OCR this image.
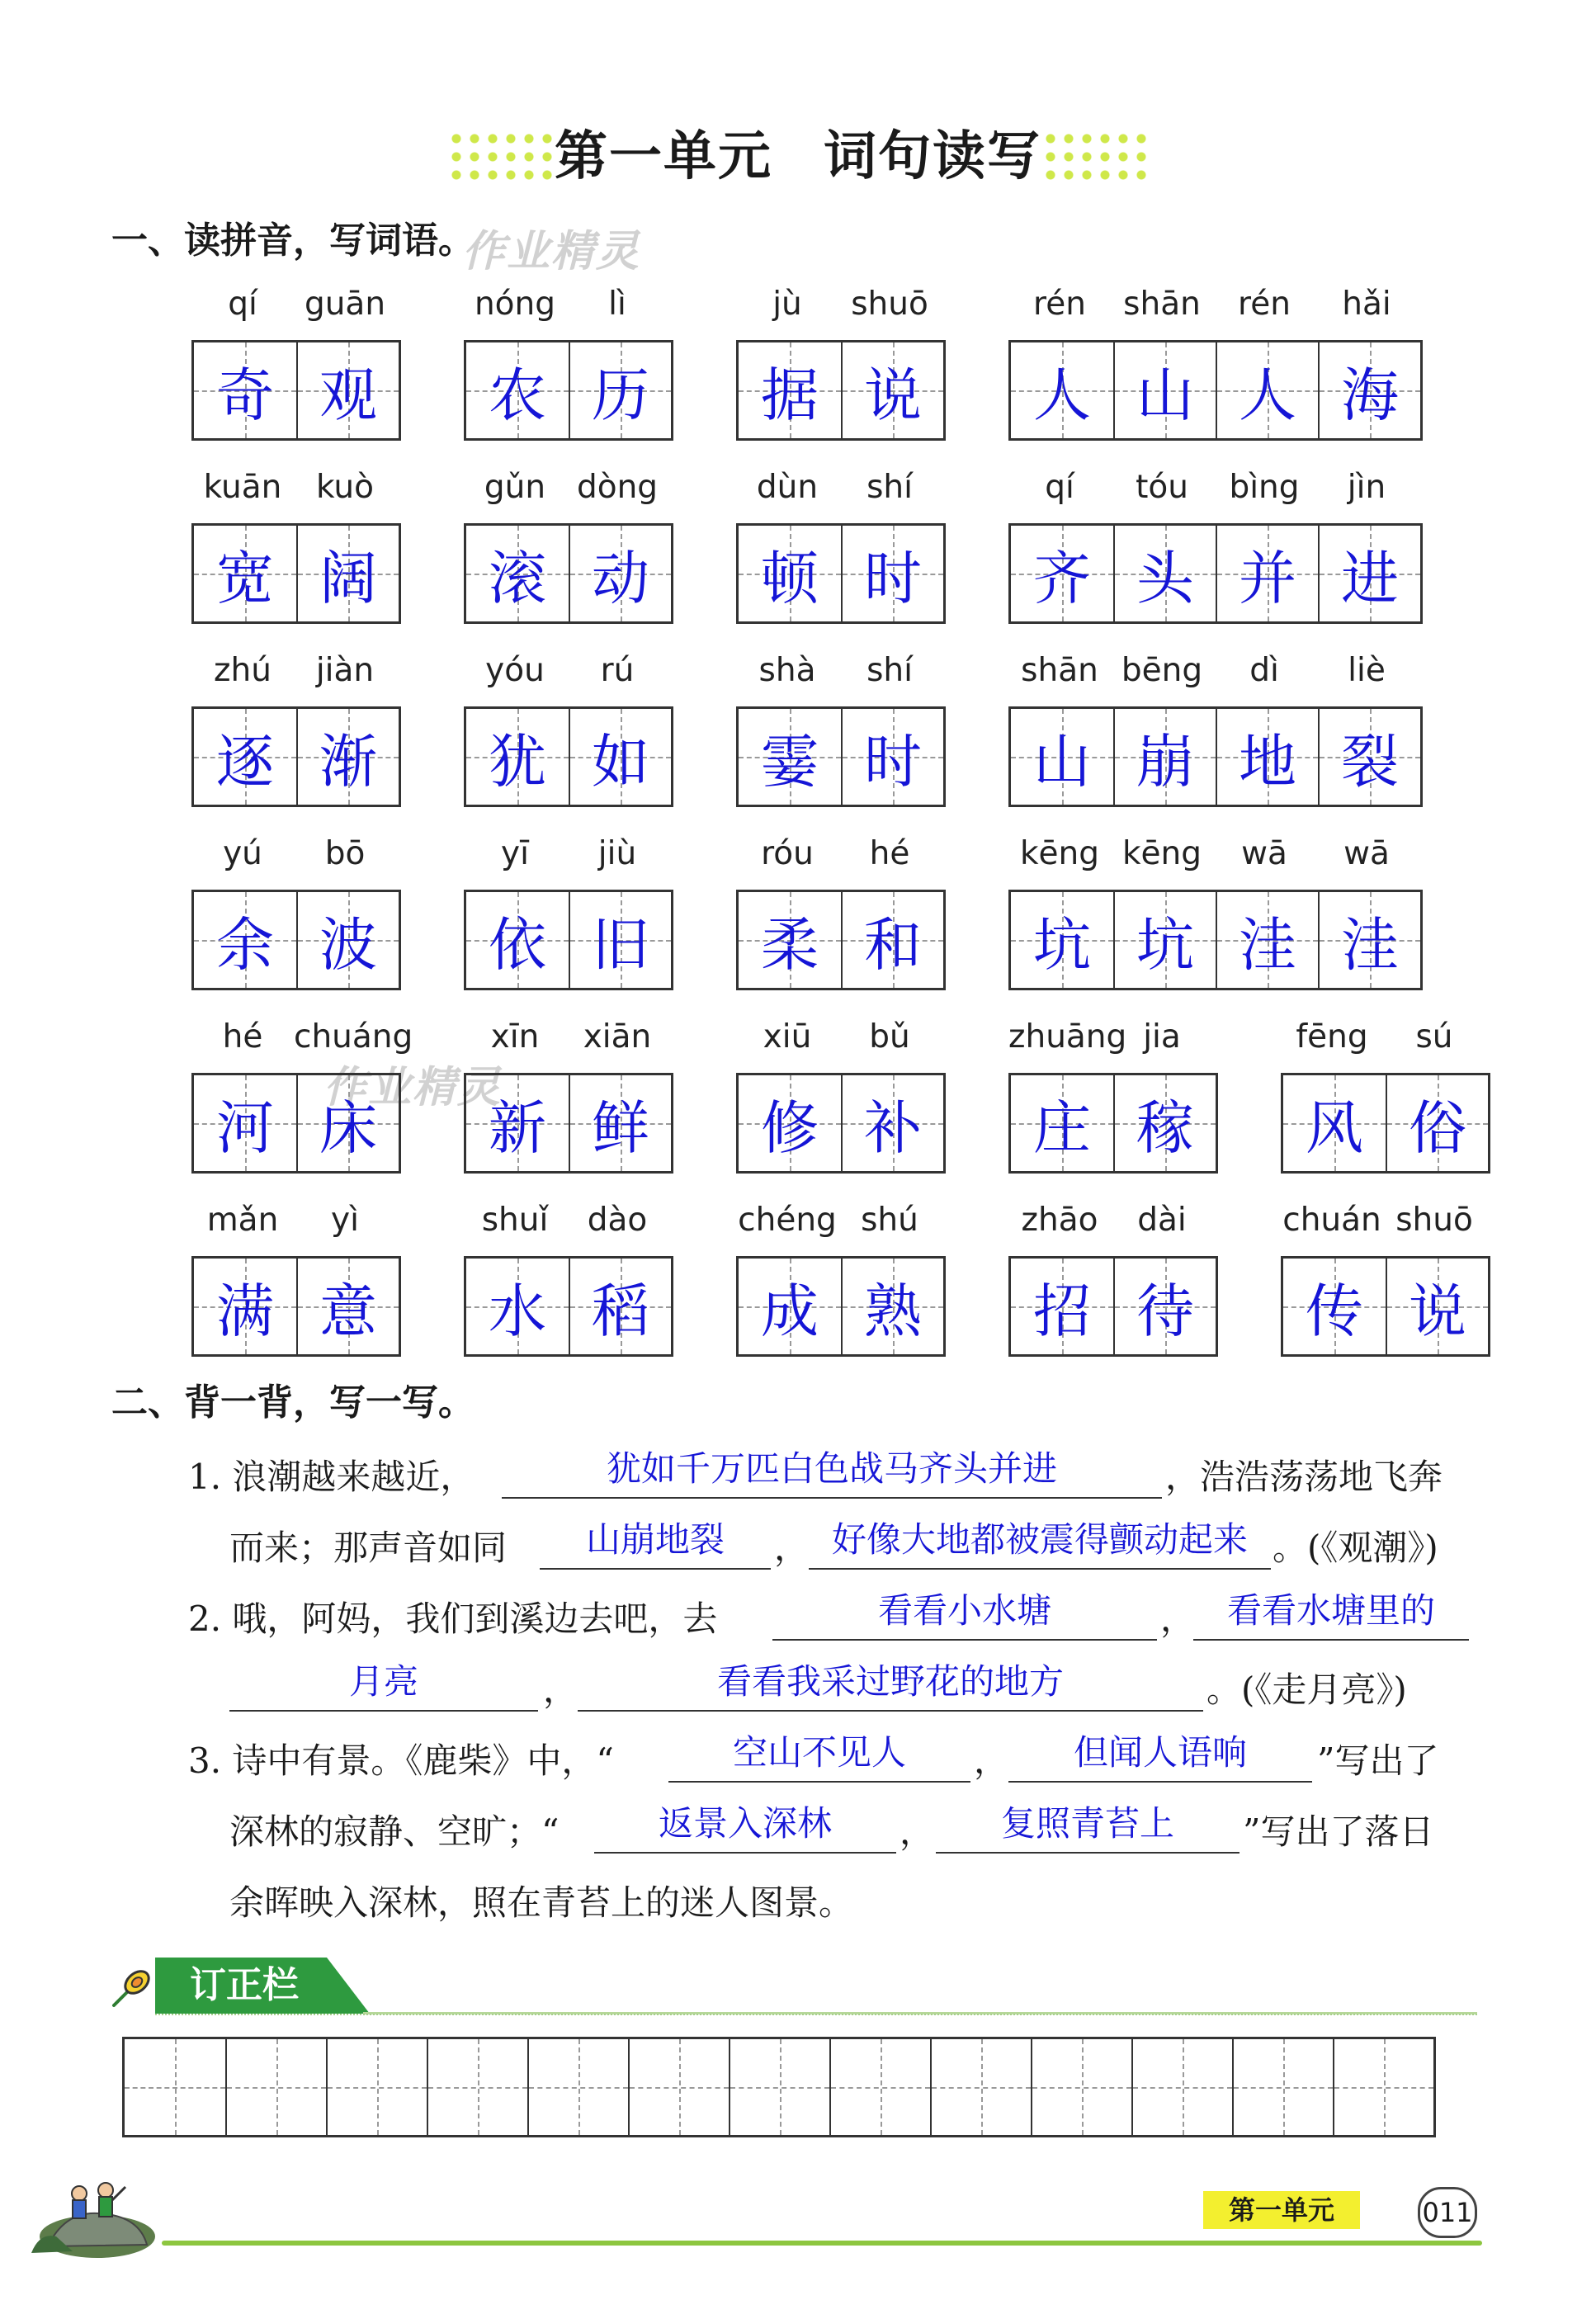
第一单元 词句读写
一、读拼音，写词语。
作业精灵
作业精灵
qí	guān
奇 观
nóng	lì
农 历
jù	shuō
据 说
rén	shān	rén	hǎi
人 山 人 海
kuān	kuò
宽 阔
gǔn dòng
滚 动
dùn	shí
顿 时
qí	tóu	bìng	jìn
齐 头 并 进
zhú	jiàn
逐 渐
yóu	rú
犹 如
shà	shí
霎 时
shān bēng	dì	liè
山 崩 地 裂
yú	bō
余 波
yī	jiù
依 旧
róu	hé
柔 和
kēng kēng	wā	wā
坑 坑 洼 洼
hé chuáng
河 床
xīn	xiān
新 鲜
xiū	bǔ
修 补
zhuāng jia
庄 稼
fēng	sú
风 俗
mǎn	yì
满 意
shuǐ	dào
水 稻
chéng shú
成 熟
zhāo	dài
招 待
chuán shuō
传 说
二、背一背，写一写。
1. 浪潮越来越近，	犹如千万匹白色战马齐头并进	，浩浩荡荡地飞奔
而来；那声音如同	山崩地裂	， 好像大地都被震得颤动起来 。(《观潮》)
2. 哦，阿妈，我们到溪边去吧，去	看看小水塘	， 看看水塘里的
月亮	，	看看我采过野花的地方	。(《走月亮》)
3. 诗中有景。《鹿柴》中，“	空山不见人	，	但闻人语响	”写出了
深林的寂静、空旷；“	返景入深林	，	复照青苔上	”写出了落日
余晖映入深林，照在青苔上的迷人图景。
订正栏
第一单元	011
